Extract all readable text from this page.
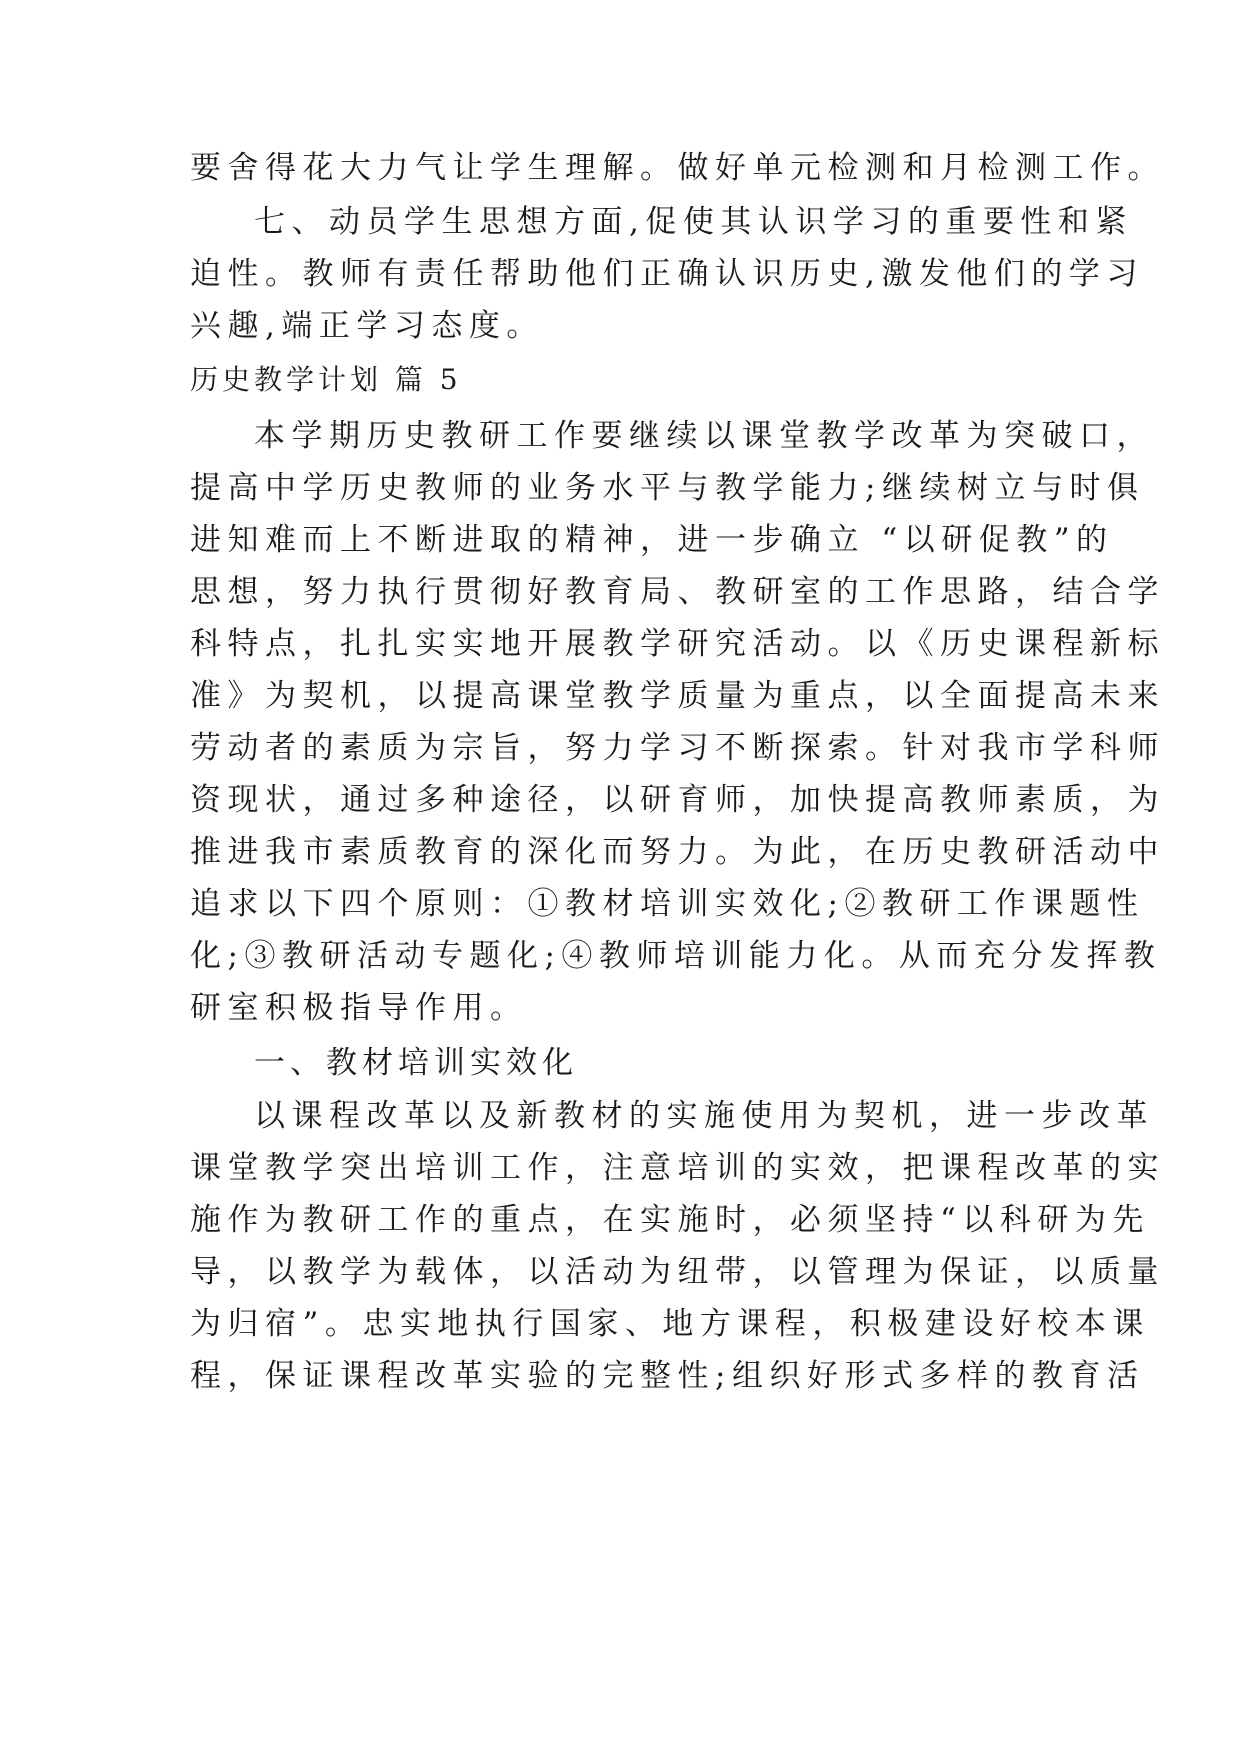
要舍得花大力气让学生理解。做好单元检测和月检测工作。
七、动员学生思想方面,促使其认识学习的重要性和紧
迫性。教师有责任帮助他们正确认识历史,激发他们的学习
兴趣,端正学习态度。
历史教学计划 篇 5
本学期历史教研工作要继续以课堂教学改革为突破口，
提高中学历史教师的业务水平与教学能力;继续树立与时俱
进知难而上不断进取的精神，进一步确立 “以研促教”的
思想，努力执行贯彻好教育局、教研室的工作思路，结合学
科特点，扎扎实实地开展教学研究活动。以《历史课程新标
准》为契机，以提高课堂教学质量为重点，以全面提高未来
劳动者的素质为宗旨，努力学习不断探索。针对我市学科师
资现状，通过多种途径，以研育师，加快提高教师素质，为
推进我市素质教育的深化而努力。为此，在历史教研活动中
追求以下四个原则：①教材培训实效化;②教研工作课题性
化;③教研活动专题化;④教师培训能力化。从而充分发挥教
研室积极指导作用。
一、教材培训实效化
以课程改革以及新教材的实施使用为契机，进一步改革
课堂教学突出培训工作，注意培训的实效，把课程改革的实
施作为教研工作的重点，在实施时，必须坚持“以科研为先
导，以教学为载体，以活动为纽带，以管理为保证，以质量
为归宿”。忠实地执行国家、地方课程，积极建设好校本课
程，保证课程改革实验的完整性;组织好形式多样的教育活
